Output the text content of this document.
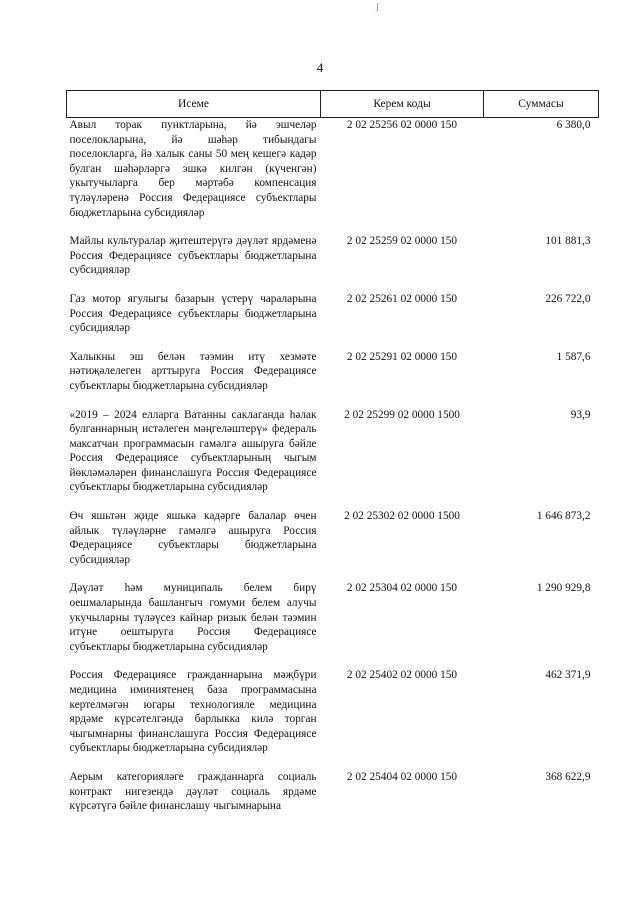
ʃ
4
Исеме	Керем коды	Суммасы
Авыл торак пунктларына, йә эшчеләр поселокларына, йә шәһәр тибындагы поселокларга, йә халык саны 50 мең кешегә кадәр булган шәһәрләргә эшкә килгән (күченгән) укытучыларга бер мәртәбә компенсация түләүләренә Россия Федерациясе субъектлары бюджетларына субсидияләр	2 02 25256 02 0000 150	6 380,0
Майлы культуралар җитештерүгә дәүләт ярдәменә Россия Федерациясе субъектлары бюджетларына субсидияләр	2 02 25259 02 0000 150	101 881,3
Газ мотор ягулыгы базарын үстерү чараларына Россия Федерациясе субъектлары бюджетларына субсидияләр	2 02 25261 02 0000 150	226 722,0
Халыкны эш белән тәэмин итү хезмәте нәтиҗәлелеген арттыруга Россия Федерациясе субъектлары бюджетларына субсидияләр	2 02 25291 02 0000 150	1 587,6
«2019 – 2024 елларга Ватанны саклаганда һәлак булганнарның истәлеген мәңгеләштерү» федераль максатчан программасын гамәлгә ашыруга бәйле Россия Федерациясе субъектларының чыгым йөкләмәләрен финанслашуга Россия Федерациясе субъектлары бюджетларына субсидияләр	2 02 25299 02 0000 1500	93,9
Өч яшьтән җиде яшькә кадәрге балалар өчен айлык түләүләрне гамәлгә ашыруга Россия Федерациясе субъектлары бюджетларына субсидияләр	2 02 25302 02 0000 1500	1 646 873,2
Дәүләт һәм муниципаль белем бирү оешмаларында башлангыч гомуми белем алучы укучыларны түләүсез кайнар ризык белән тәэмин итүне оештыруга Россия Федерациясе субъектлары бюджетларына субсидияләр	2 02 25304 02 0000 150	1 290 929,8
Россия Федерациясе гражданнарына мәҗбүри медицина иминиятенең база программасына кертелмәгән югары технологияле медицина ярдәме күрсәтелгәндә барлыкка килә торган чыгымнарны финанслашуга Россия Федерациясе субъектлары бюджетларына субсидияләр	2 02 25402 02 0000 150	462 371,9
Аерым категорияләге гражданнарга социаль контракт нигезендә дәүләт социаль ярдәме күрсәтүгә бәйле финанслашу чыгымнарына	2 02 25404 02 0000 150	368 622,9
